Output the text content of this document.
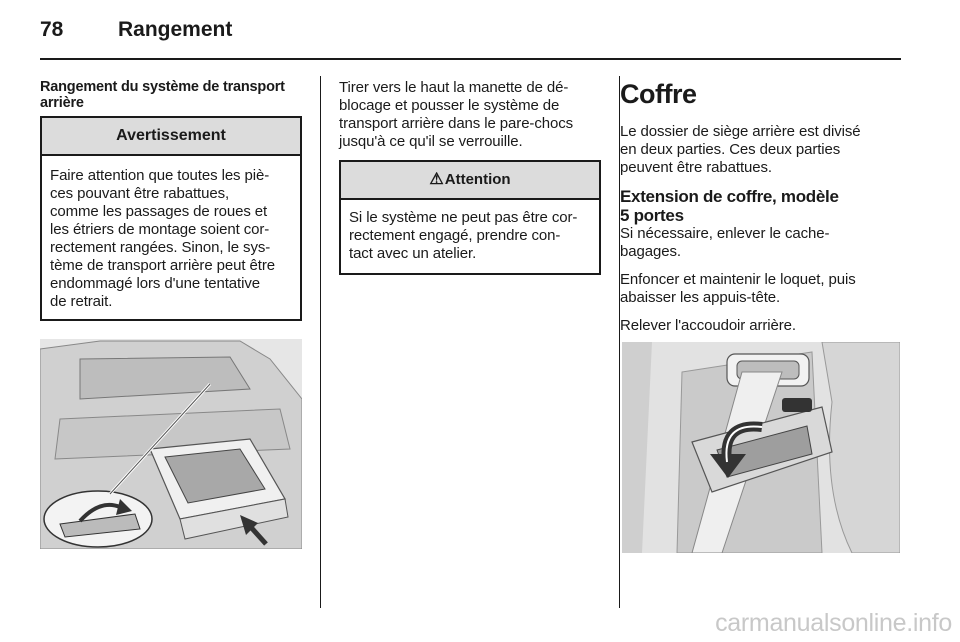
78	Rangement
Rangement du système de transport
arrière
Avertissement
Faire attention que toutes les piè-
ces pouvant être rabattues,
comme les passages de roues et
les étriers de montage soient cor-
rectement rangées. Sinon, le sys-
tème de transport arrière peut être
endommagé lors d'une tentative
de retrait.
Tirer vers le haut la manette de dé-
blocage et pousser le système de
transport arrière dans le pare-chocs
jusqu'à ce qu'il se verrouille.
⚠Attention
Si le système ne peut pas être cor-
rectement engagé, prendre con-
tact avec un atelier.
Coffre
Le dossier de siège arrière est divisé
en deux parties. Ces deux parties
peuvent être rabattues.
Extension de coffre, modèle
5 portes
Si nécessaire, enlever le cache-
bagages.
Enfoncer et maintenir le loquet, puis
abaisser les appuis-tête.
Relever l'accoudoir arrière.
carmanualsonline.info
